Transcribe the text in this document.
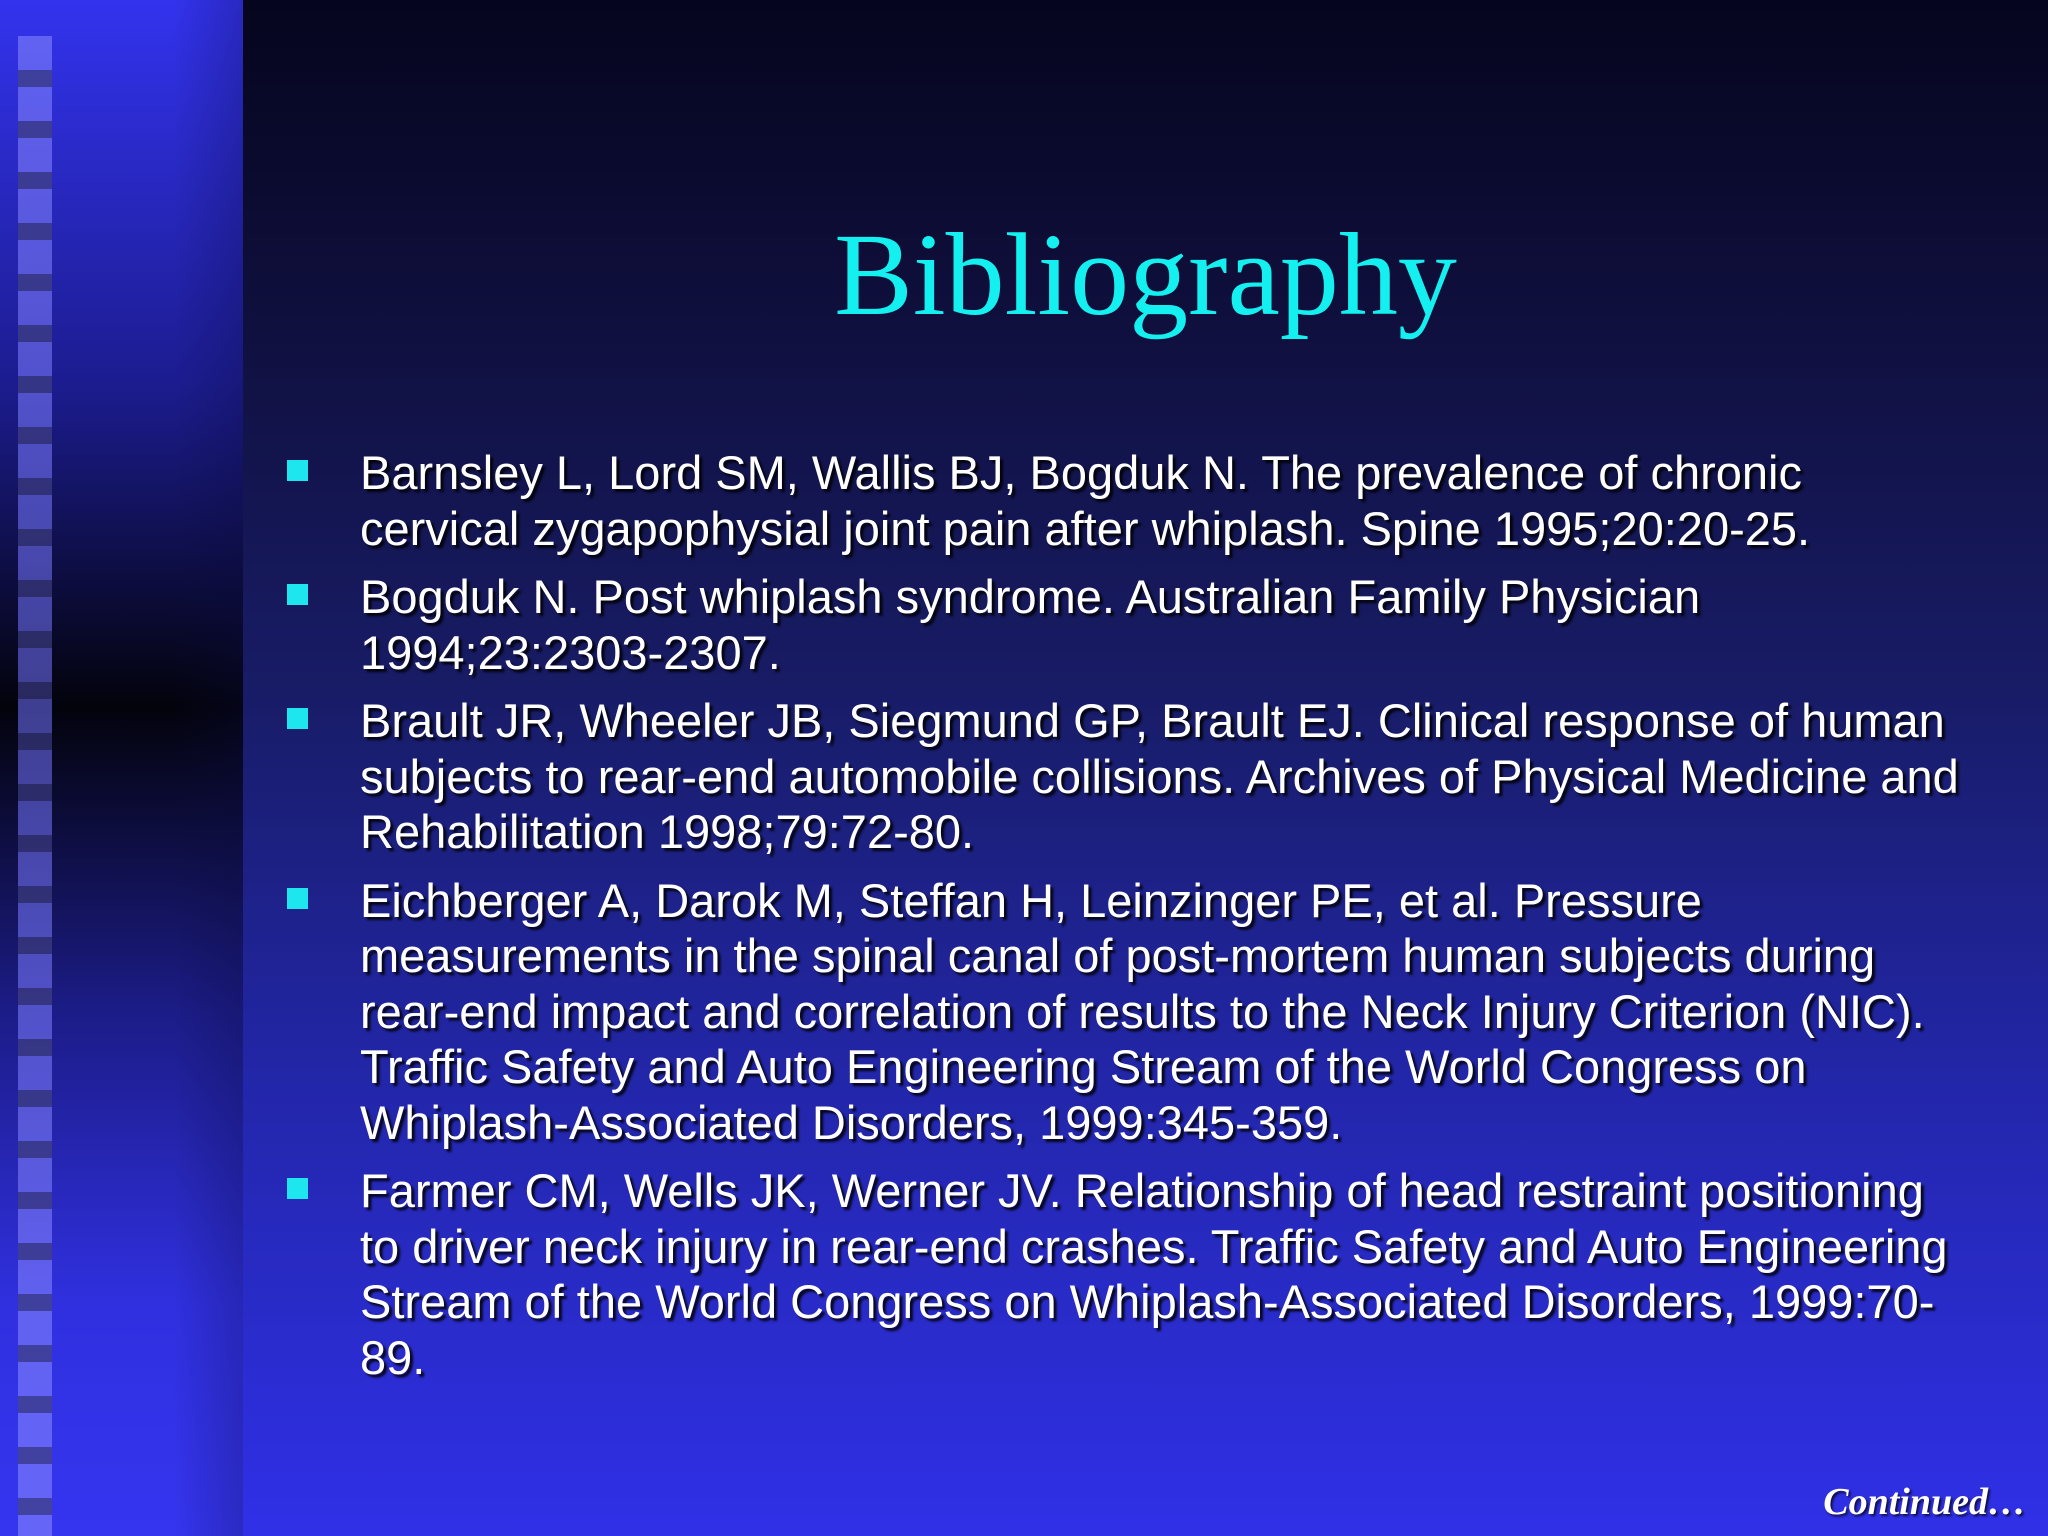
Bibliography
Barnsley L, Lord SM, Wallis BJ, Bogduk N. The prevalence of chronic cervical zygapophysial joint pain after whiplash. Spine 1995;20:20-25.
Bogduk N. Post whiplash syndrome. Australian Family Physician 1994;23:2303-2307.
Brault JR, Wheeler JB, Siegmund GP, Brault EJ. Clinical response of human subjects to rear-end automobile collisions. Archives of Physical Medicine and Rehabilitation 1998;79:72-80.
Eichberger A, Darok M, Steffan H, Leinzinger PE, et al. Pressure measurements in the spinal canal of post-mortem human subjects during rear-end impact and correlation of results to the Neck Injury Criterion (NIC). Traffic Safety and Auto Engineering Stream of the World Congress on Whiplash-Associated Disorders, 1999:345-359.
Farmer CM, Wells JK, Werner JV. Relationship of head restraint positioning to driver neck injury in rear-end crashes. Traffic Safety and Auto Engineering Stream of the World Congress on Whiplash-Associated Disorders, 1999:70-89.
Continued…
